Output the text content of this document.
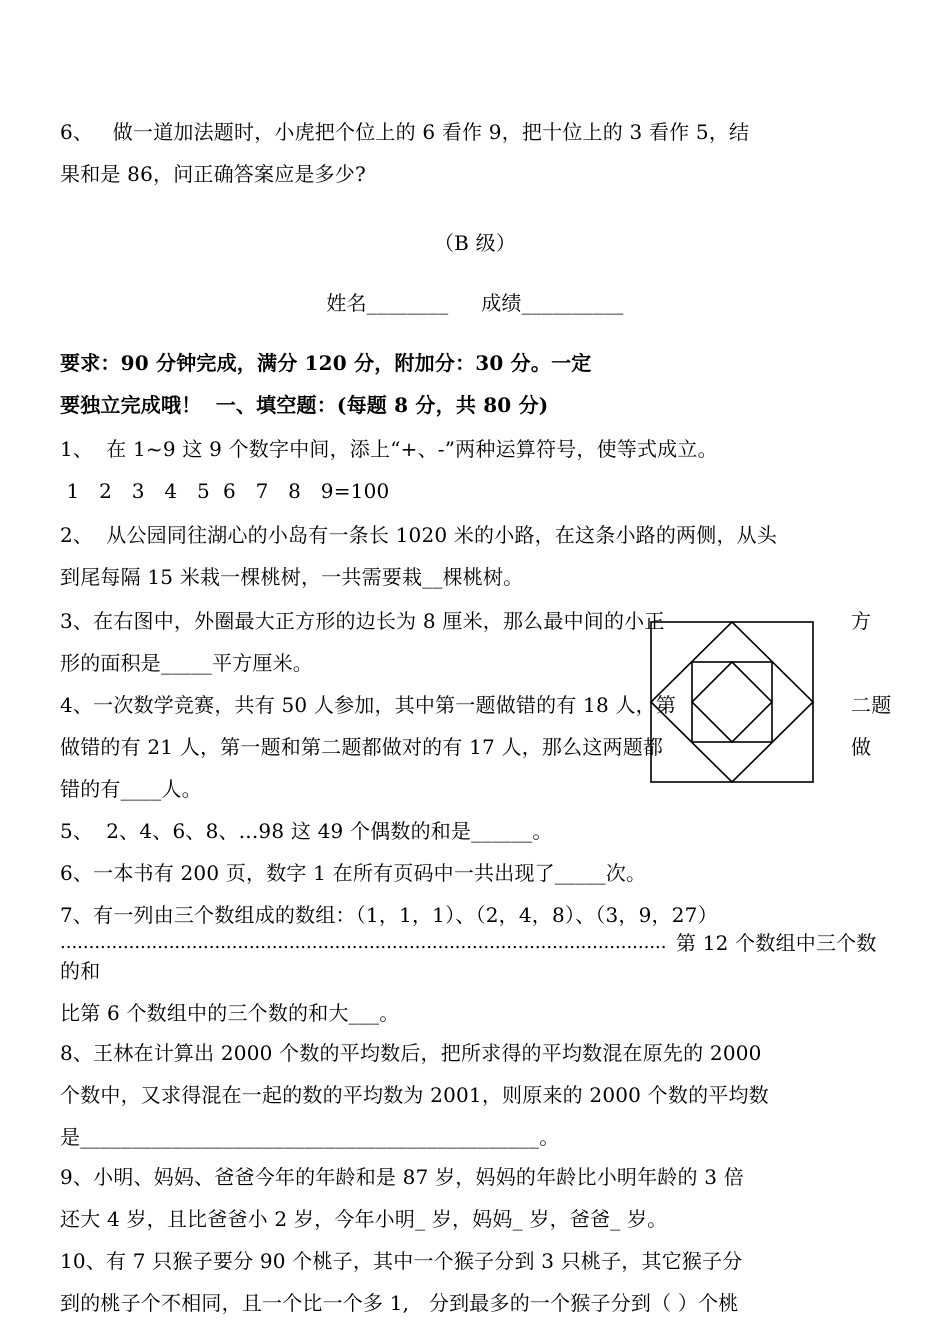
6、   做一道加法题时，小虎把个位上的 6 看作 9，把十位上的 3 看作 5，结

果和是 86，问正确答案应是多少?

（B 级）

姓名________     成绩__________

要求：90 分钟完成，满分 120 分，附加分：30 分。一定

要独立完成哦！  一、填空题：(每题 8 分，共 80 分)

1、  在 1~9 这 9 个数字中间，添上“+、-”两种运算符号，使等式成立。

1   2   3   4   5  6   7   8   9=100

2、  从公园同往湖心的小岛有一条长 1020 米的小路，在这条小路的两侧，从头

到尾每隔 15 米栽一棵桃树，一共需要栽__棵桃树。

3、在右图中，外圈最大正方形的边长为 8 厘米，那么最中间的小正	方

形的面积是_____平方厘米。

4、一次数学竞赛，共有 50 人参加，其中第一题做错的有 18 人，第	二题

做错的有 21 人，第一题和第二题都做对的有 17 人，那么这两题都	做

错的有____人。

5、  2、4、6、8、...98 这 49 个偶数的和是______。

6、一本书有 200 页，数字 1 在所有页码中一共出现了_____次。

7、有一列由三个数组成的数组：（1，1，1）、（2，4，8）、（3，9，27）

.......................................................................................................... 第 12 个数组中三个数

的和

比第 6 个数组中的三个数的和大___。

8、王林在计算出 2000 个数的平均数后，把所求得的平均数混在原先的 2000

个数中，又求得混在一起的数的平均数为 2001，则原来的 2000 个数的平均数

是_____________________________________________。

9、小明、妈妈、爸爸今年的年龄和是 87 岁，妈妈的年龄比小明年龄的 3 倍

还大 4 岁，且比爸爸小 2 岁，今年小明_ 岁，妈妈_ 岁，爸爸_ 岁。

10、有 7 只猴子要分 90 个桃子，其中一个猴子分到 3 只桃子，其它猴子分

到的桃子个不相同，且一个比一个多 1,   分到最多的一个猴子分到（ ）个桃
